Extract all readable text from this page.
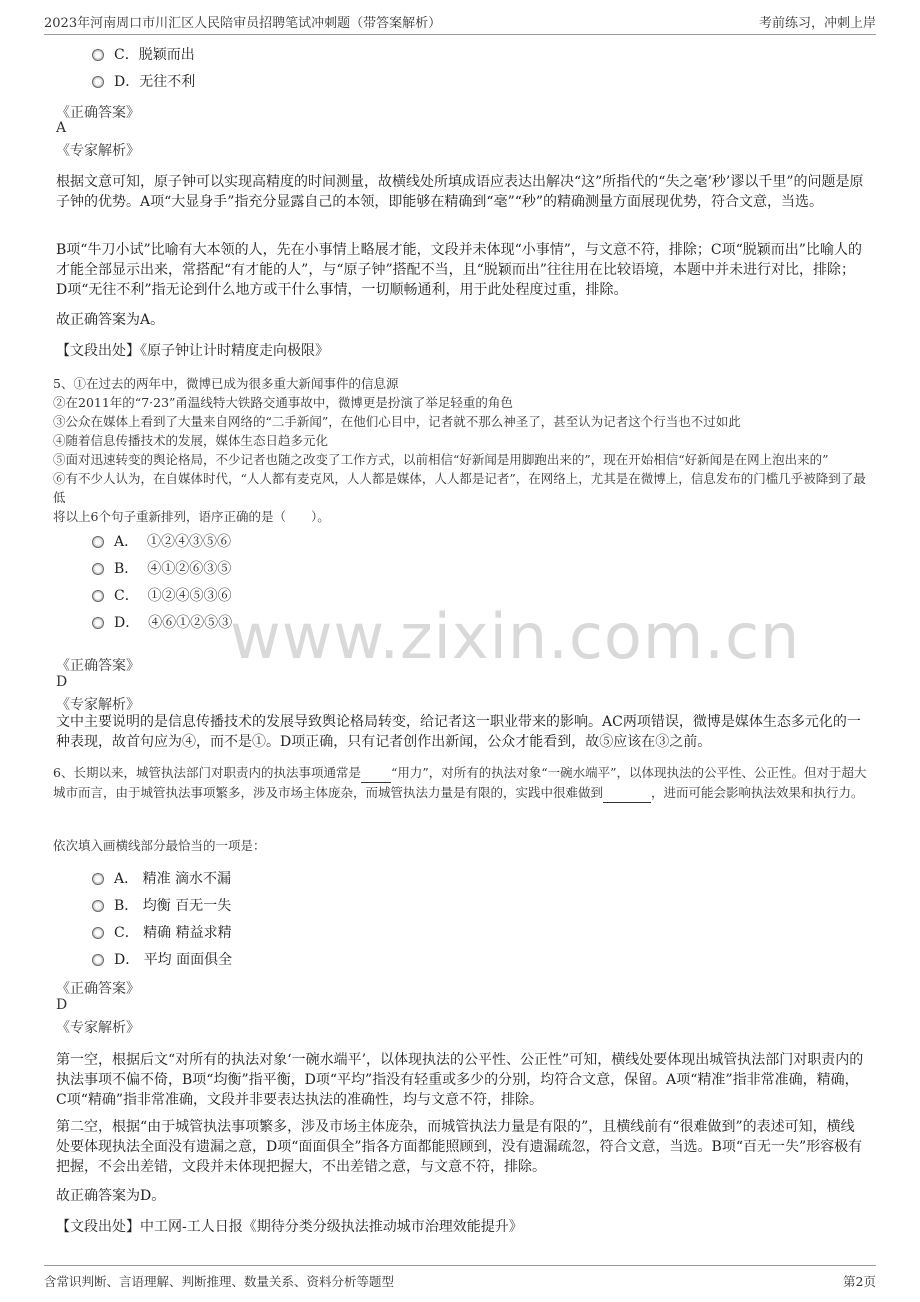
2023年河南周口市川汇区人民陪审员招聘笔试冲刺题（带答案解析）	考前练习，冲刺上岸
www.zixin.com.cn
C．脱颖而出
D．无往不利
《正确答案》
A
《专家解析》
根据文意可知，原子钟可以实现高精度的时间测量，故横线处所填成语应表达出解决“这”所指代的“失之毫’秒’谬以千里”的问题是原子钟的优势。A项“大显身手”指充分显露自己的本领，即能够在精确到“毫”“秒”的精确测量方面展现优势，符合文意，当选。
B项“牛刀小试”比喻有大本领的人，先在小事情上略展才能，文段并未体现“小事情”，与文意不符，排除；C项“脱颖而出”比喻人的才能全部显示出来，常搭配“有才能的人”，与“原子钟”搭配不当，且“脱颖而出”往往用在比较语境，本题中并未进行对比，排除；D项“无往不利”指无论到什么地方或干什么事情，一切顺畅通利，用于此处程度过重，排除。
故正确答案为A。
【文段出处】《原子钟让计时精度走向极限》
5、①在过去的两年中，微博已成为很多重大新闻事件的信息源
②在2011年的“7·23”甬温线特大铁路交通事故中，微博更是扮演了举足轻重的角色
③公众在媒体上看到了大量来自网络的“二手新闻”，在他们心目中，记者就不那么神圣了，甚至认为记者这个行当也不过如此
④随着信息传播技术的发展，媒体生态日趋多元化
⑤面对迅速转变的舆论格局，不少记者也随之改变了工作方式，以前相信“好新闻是用脚跑出来的”，现在开始相信“好新闻是在网上泡出来的”
⑥有不少人认为，在自媒体时代，“人人都有麦克风，人人都是媒体，人人都是记者”，在网络上，尤其是在微博上，信息发布的门槛几乎被降到了最低
将以上6个句子重新排列，语序正确的是（　　）。
A． ①②④③⑤⑥
B． ④①②⑥③⑤
C． ①②④⑤③⑥
D． ④⑥①②⑤③
《正确答案》
D
《专家解析》
文中主要说明的是信息传播技术的发展导致舆论格局转变，给记者这一职业带来的影响。AC两项错误，微博是媒体生态多元化的一种表现，故首句应为④，而不是①。D项正确，只有记者创作出新闻，公众才能看到，故⑤应该在③之前。
6、长期以来，城管执法部门对职责内的执法事项通常是 “用力”，对所有的执法对象“一碗水端平”，以体现执法的公平性、公正性。但对于超大城市而言，由于城管执法事项繁多，涉及市场主体庞杂，而城管执法力量是有限的，实践中很难做到	，进而可能会影响执法效果和执行力。
依次填入画横线部分最恰当的一项是：
A． 精准 滴水不漏
B． 均衡 百无一失
C． 精确 精益求精
D． 平均 面面俱全
《正确答案》
D
《专家解析》
第一空，根据后文“对所有的执法对象‘一碗水端平’，以体现执法的公平性、公正性”可知，横线处要体现出城管执法部门对职责内的执法事项不偏不倚，B项“均衡”指平衡，D项“平均”指没有轻重或多少的分别，均符合文意，保留。A项“精准”指非常准确，精确，C项“精确”指非常准确，文段并非要表达执法的准确性，均与文意不符，排除。
第二空，根据“由于城管执法事项繁多，涉及市场主体庞杂，而城管执法力量是有限的”，且横线前有“很难做到”的表述可知，横线处要体现执法全面没有遗漏之意，D项“面面俱全”指各方面都能照顾到，没有遗漏疏忽，符合文意，当选。B项“百无一失”形容极有把握，不会出差错，文段并未体现把握大，不出差错之意，与文意不符，排除。
故正确答案为D。
【文段出处】中工网-工人日报《期待分类分级执法推动城市治理效能提升》
含常识判断、言语理解、判断推理、数量关系、资料分析等题型	第2页
